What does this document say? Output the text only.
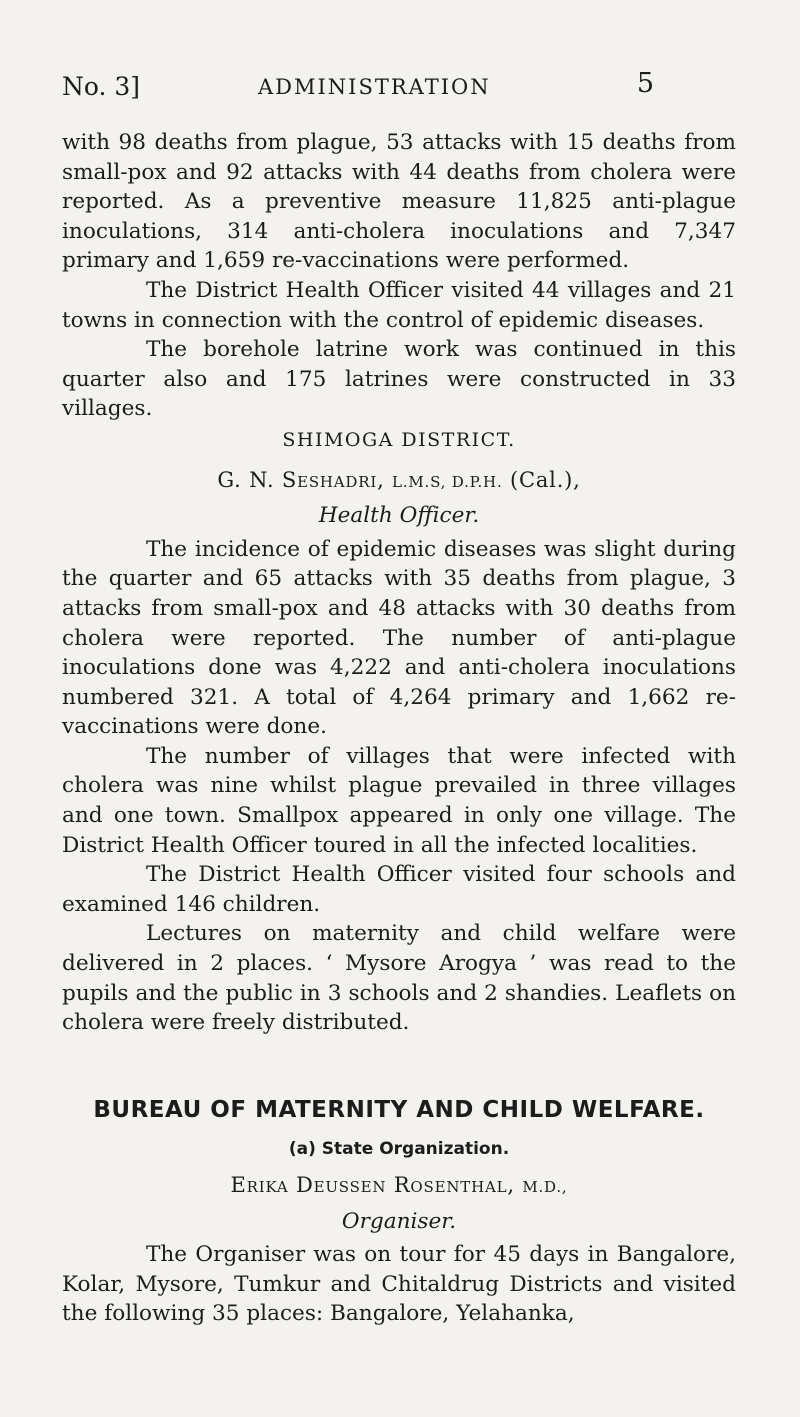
No. 3]	ADMINISTRATION	5

with 98 deaths from plague, 53 attacks with 15 deaths from small-pox and 92 attacks with 44 deaths from cholera were reported. As a preventive measure 11,825 anti-plague inoculations, 314 anti-cholera inoculations and 7,347 primary and 1,659 re-vaccinations were performed.

The District Health Officer visited 44 villages and 21 towns in connection with the control of epidemic diseases.

The borehole latrine work was continued in this quarter also and 175 latrines were constructed in 33 villages.

SHIMOGA DISTRICT.
G. N. Seshadri, L.M.S, D.P.H. (Cal.),
Health Officer.

The incidence of epidemic diseases was slight during the quarter and 65 attacks with 35 deaths from plague, 3 attacks from small-pox and 48 attacks with 30 deaths from cholera were reported. The number of anti-plague inoculations done was 4,222 and anti-cholera inoculations numbered 321. A total of 4,264 primary and 1,662 re-vaccinations were done.

The number of villages that were infected with cholera was nine whilst plague prevailed in three villages and one town. Smallpox appeared in only one village. The District Health Officer toured in all the infected localities.

The District Health Officer visited four schools and examined 146 children.

Lectures on maternity and child welfare were delivered in 2 places. ‘ Mysore Arogya ’ was read to the pupils and the public in 3 schools and 2 shandies. Leaflets on cholera were freely distributed.

BUREAU OF MATERNITY AND CHILD WELFARE.
(a) State Organization.
Erika Deussen Rosenthal, M.D.,
Organiser.

The Organiser was on tour for 45 days in Bangalore, Kolar, Mysore, Tumkur and Chitaldrug Districts and visited the following 35 places: Bangalore, Yelahanka,
